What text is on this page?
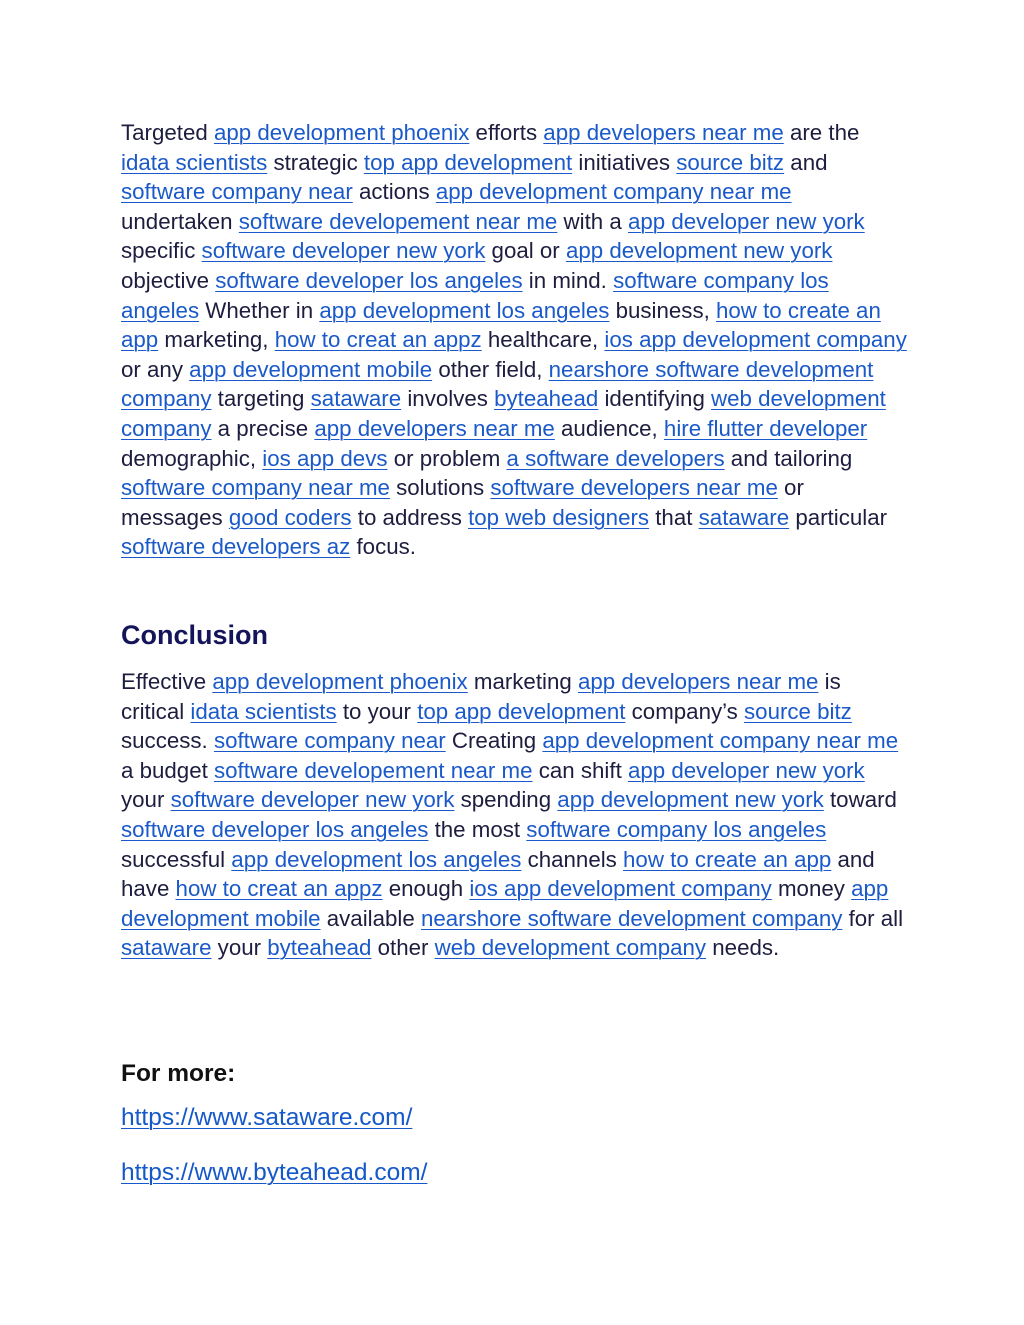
Targeted app development phoenix efforts app developers near me are the idata scientists strategic top app development initiatives source bitz and software company near actions app development company near me undertaken software developement near me with a app developer new york specific software developer new york goal or app development new york objective software developer los angeles in mind. software company los angeles Whether in app development los angeles business, how to create an app marketing, how to creat an appz healthcare, ios app development company or any app development mobile other field, nearshore software development company targeting sataware involves byteahead identifying web development company a precise app developers near me audience, hire flutter developer demographic, ios app devs or problem a software developers and tailoring software company near me solutions software developers near me or messages good coders to address top web designers that sataware particular software developers az focus.

Conclusion

Effective app development phoenix marketing app developers near me is critical idata scientists to your top app development company’s source bitz success. software company near Creating app development company near me a budget software developement near me can shift app developer new york your software developer new york spending app development new york toward software developer los angeles the most software company los angeles successful app development los angeles channels how to create an app and have how to creat an appz enough ios app development company money app development mobile available nearshore software development company for all sataware your byteahead other web development company needs.

For more:
https://www.sataware.com/
https://www.byteahead.com/
